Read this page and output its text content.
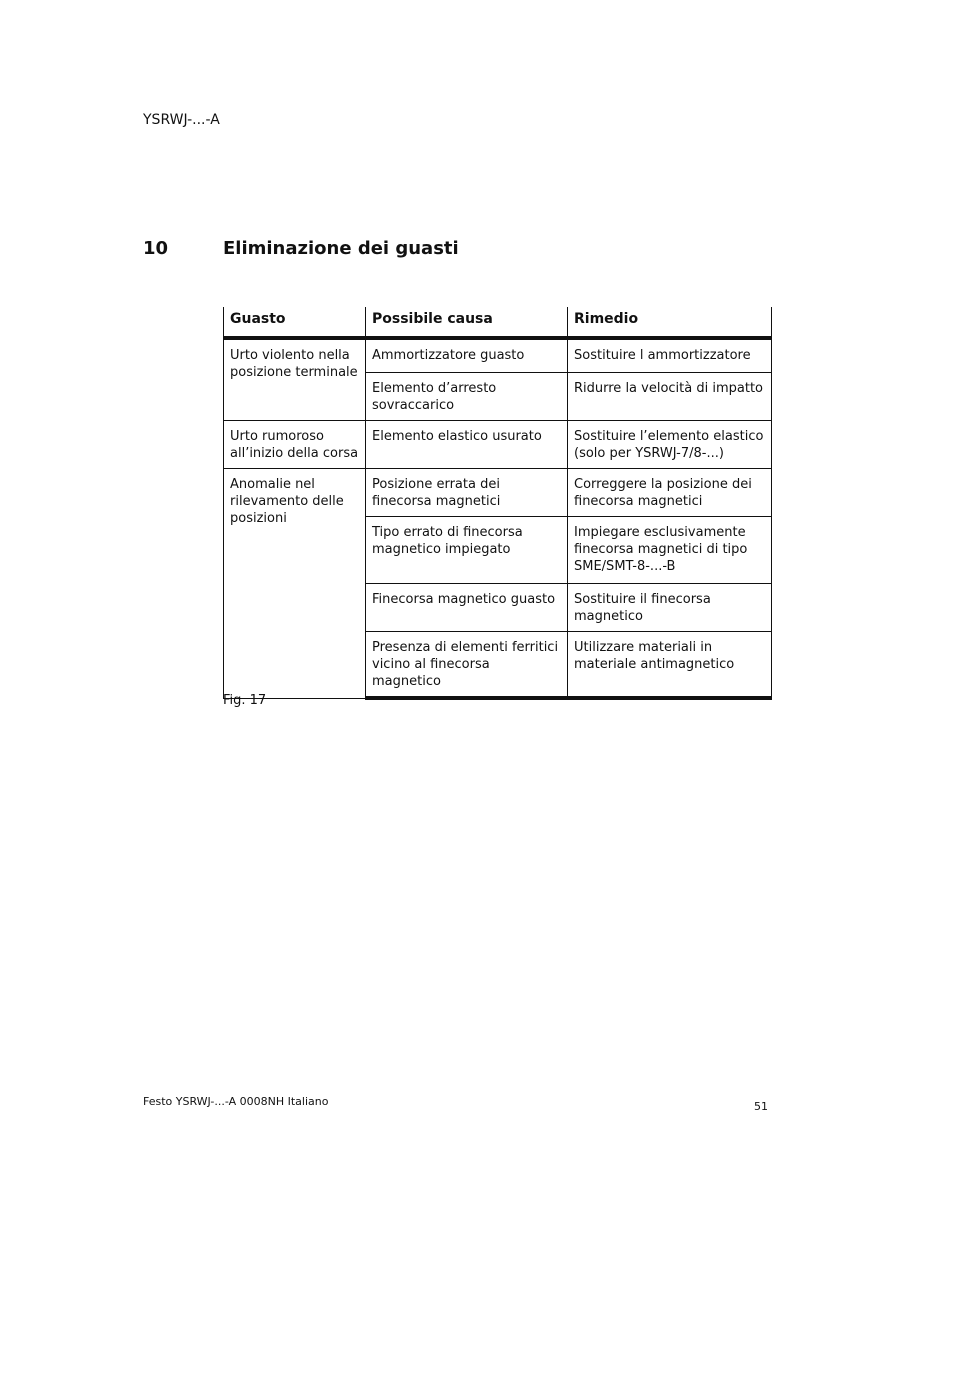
YSRWJ-...-A
10	Eliminazione dei guasti
Guasto	Possibile causa	Rimedio
Urto violento nella posizione terminale	Ammortizzatore guasto	Sostituire l ammortizzatore
	Elemento d’arresto sovraccarico	Ridurre la velocità di impatto
Urto rumoroso all’inizio della corsa	Elemento elastico usurato	Sostituire l’elemento elastico (solo per YSRWJ-7/8-...)
Anomalie nel rilevamento delle posizioni	Posizione errata dei finecorsa magnetici	Correggere la posizione dei finecorsa magnetici
	Tipo errato di finecorsa magnetico impiegato	Impiegare esclusivamente finecorsa magnetici di tipo SME/SMT-8-...-B
	Finecorsa magnetico guasto	Sostituire il finecorsa magnetico
	Presenza di elementi ferritici vicino al finecorsa magnetico	Utilizzare materiali in materiale antimagnetico
Fig. 17
Festo YSRWJ-...-A 0008NH Italiano	51
